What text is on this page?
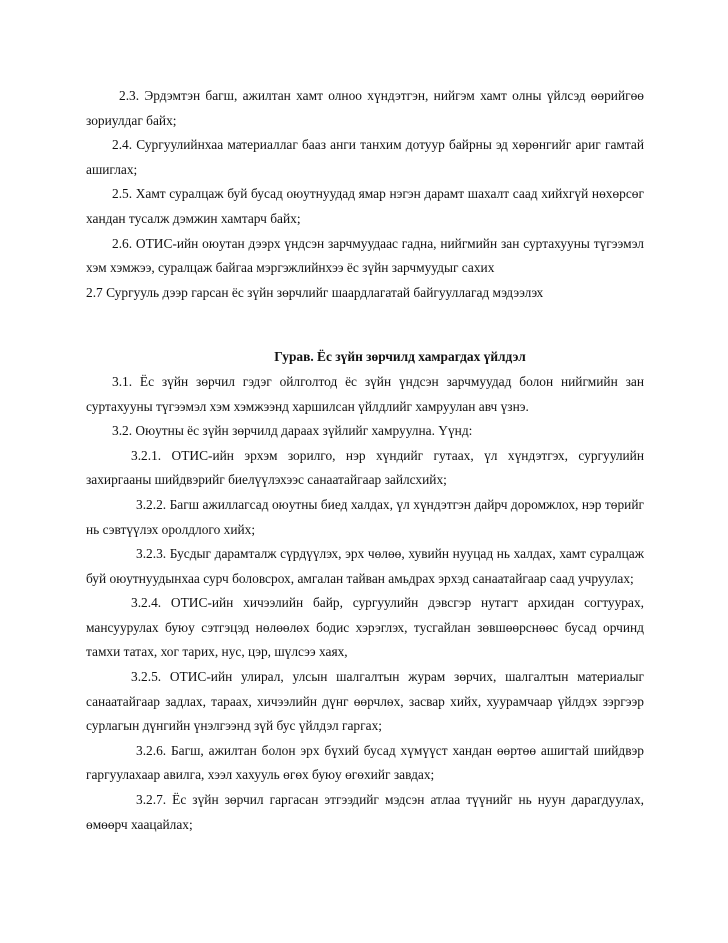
2.3. Эрдэмтэн багш, ажилтан хамт олноо хүндэтгэн, нийгэм хамт олны үйлсэд өөрийгөө зориулдаг байх;

2.4. Сургуулийнхаа материаллаг бааз анги танхим дотуур байрны эд хөрөнгийг ариг гамтай ашиглах;

2.5. Хамт суралцаж буй бусад оюутнуудад ямар нэгэн дарамт шахалт саад хийхгүй нөхөрсөг хандан тусалж дэмжин хамтарч байх;

2.6. ОТИС-ийн оюутан дээрх үндсэн зарчмуудаас гадна, нийгмийн зан суртахууны түгээмэл хэм хэмжээ, суралцаж байгаа мэргэжлийнхээ ёс зүйн зарчмуудыг сахих

2.7 Сургууль дээр гарсан ёс зүйн зөрчлийг шаардлагатай байгууллагад мэдээлэх

Гурав. Ёс зүйн зөрчилд хамрагдах үйлдэл

3.1. Ёс зүйн зөрчил гэдэг ойлголтод ёс зүйн үндсэн зарчмуудад болон нийгмийн зан суртахууны түгээмэл хэм хэмжээнд харшилсан үйлдлийг хамруулан авч үзнэ.

3.2. Оюутны ёс зүйн зөрчилд дараах зүйлийг хамруулна. Үүнд:

3.2.1. ОТИС-ийн эрхэм зорилго, нэр хүндийг гутаах, үл хүндэтгэх, сургуулийн захиргааны шийдвэрийг биелүүлэхээс санаатайгаар зайлсхийх;

3.2.2. Багш ажиллагсад оюутны биед халдах, үл хүндэтгэн дайрч доромжлох, нэр төрийг нь сэвтүүлэх оролдлого хийх;

3.2.3. Бусдыг дарамталж сүрдүүлэх, эрх чөлөө, хувийн нууцад нь халдах, хамт суралцаж буй оюутнуудынхаа сурч боловсрох, амгалан тайван амьдрах эрхэд санаатайгаар саад учруулах;

3.2.4. ОТИС-ийн хичээлийн байр, сургуулийн дэвсгэр нутагт архидан согтуурах, мансуурулах буюу сэтгэцэд нөлөөлөх бодис хэрэглэх, тусгайлан зөвшөөрснөөс бусад орчинд тамхи татах, хог тарих, нус, цэр, шүлсээ хаях,

3.2.5. ОТИС-ийн улирал, улсын шалгалтын журам зөрчих, шалгалтын материалыг санаатайгаар задлах, тараах, хичээлийн дүнг өөрчлөх, засвар хийх, хуурамчаар үйлдэх зэргээр сурлагын дүнгийн үнэлгээнд зүй бус үйлдэл гаргах;

3.2.6. Багш, ажилтан болон эрх бүхий бусад хүмүүст хандан өөртөө ашигтай шийдвэр гаргуулахаар авилга, хээл хахууль өгөх буюу өгөхийг завдах;

3.2.7. Ёс зүйн зөрчил гаргасан этгээдийг мэдсэн атлаа түүнийг нь нуун дарагдуулах, өмөөрч хаацайлах;
